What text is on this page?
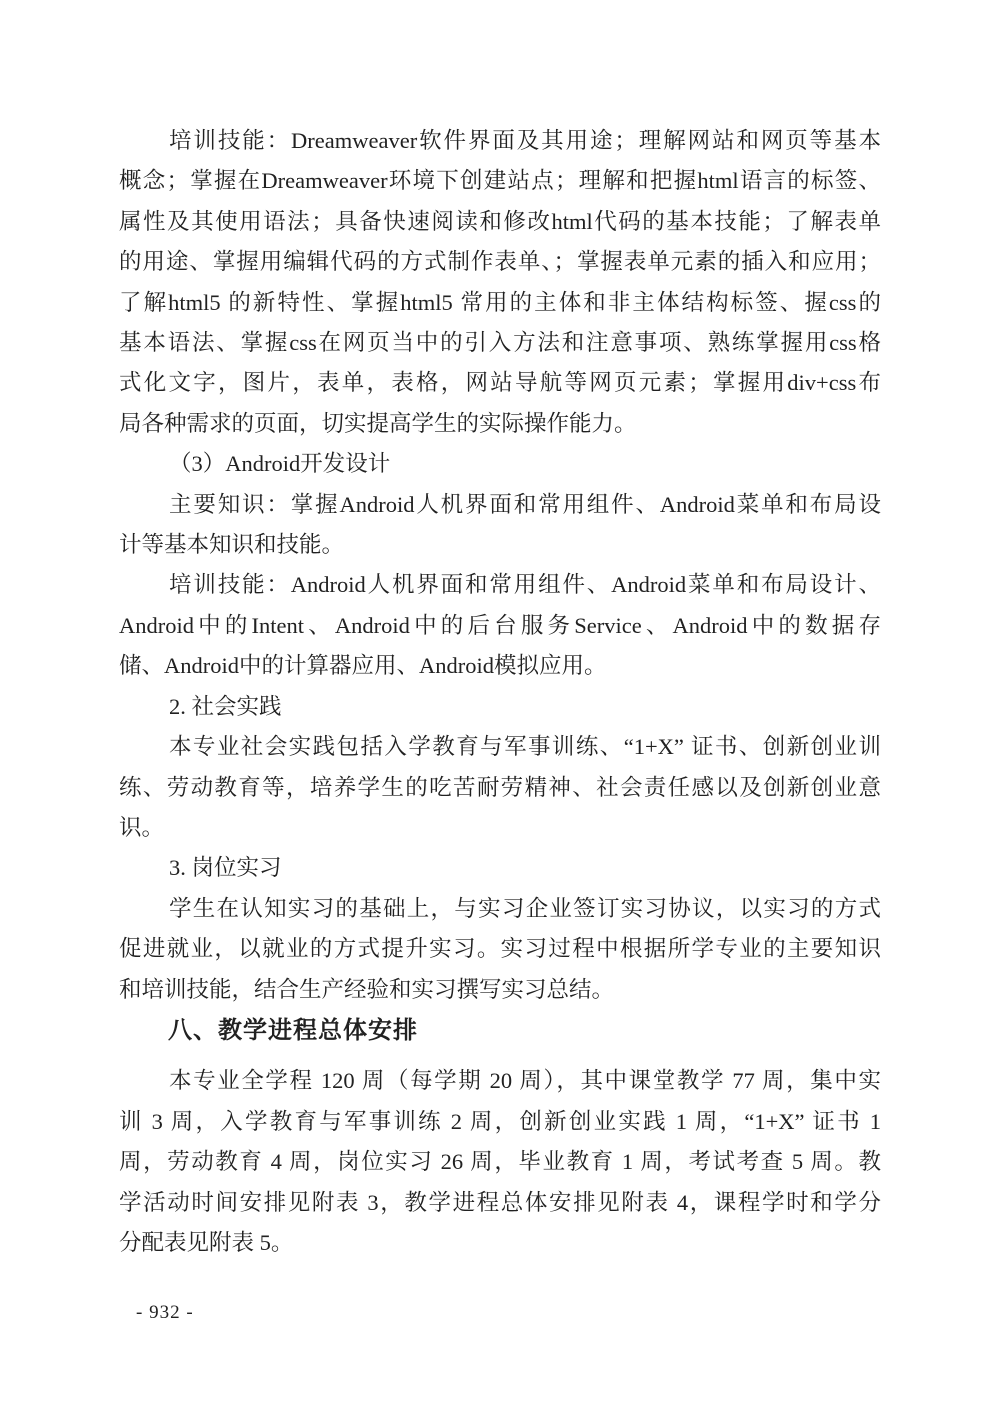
培训技能：Dreamweaver软件界面及其用途；理解网站和网页等基本
概念；掌握在Dreamweaver环境下创建站点；理解和把握html语言的标签、
属性及其使用语法；具备快速阅读和修改html代码的基本技能；了解表单
的用途、掌握用编辑代码的方式制作表单、；掌握表单元素的插入和应用；
了解html5 的新特性、掌握html5 常用的主体和非主体结构标签、握css的
基本语法、掌握css在网页当中的引入方法和注意事项、熟练掌握用css格
式化文字，图片，表单，表格，网站导航等网页元素；掌握用div+css布
局各种需求的页面，切实提高学生的实际操作能力。
（3）Android开发设计
主要知识：掌握Android人机界面和常用组件、Android菜单和布局设
计等基本知识和技能。
培训技能：Android人机界面和常用组件、Android菜单和布局设计、
Android中的Intent、Android中的后台服务Service、Android中的数据存
储、Android中的计算器应用、Android模拟应用。
2. 社会实践
本专业社会实践包括入学教育与军事训练、“1+X” 证书、创新创业训
练、劳动教育等，培养学生的吃苦耐劳精神、社会责任感以及创新创业意
识。
3. 岗位实习
学生在认知实习的基础上，与实习企业签订实习协议，以实习的方式
促进就业，以就业的方式提升实习。实习过程中根据所学专业的主要知识
和培训技能，结合生产经验和实习撰写实习总结。
八、教学进程总体安排
本专业全学程 120 周（每学期 20 周），其中课堂教学 77 周，集中实
训 3 周，入学教育与军事训练 2 周，创新创业实践 1 周，“1+X” 证书 1
周，劳动教育 4 周，岗位实习 26 周，毕业教育 1 周，考试考查 5 周。教
学活动时间安排见附表 3，教学进程总体安排见附表 4，课程学时和学分
分配表见附表 5。
- 932 -
